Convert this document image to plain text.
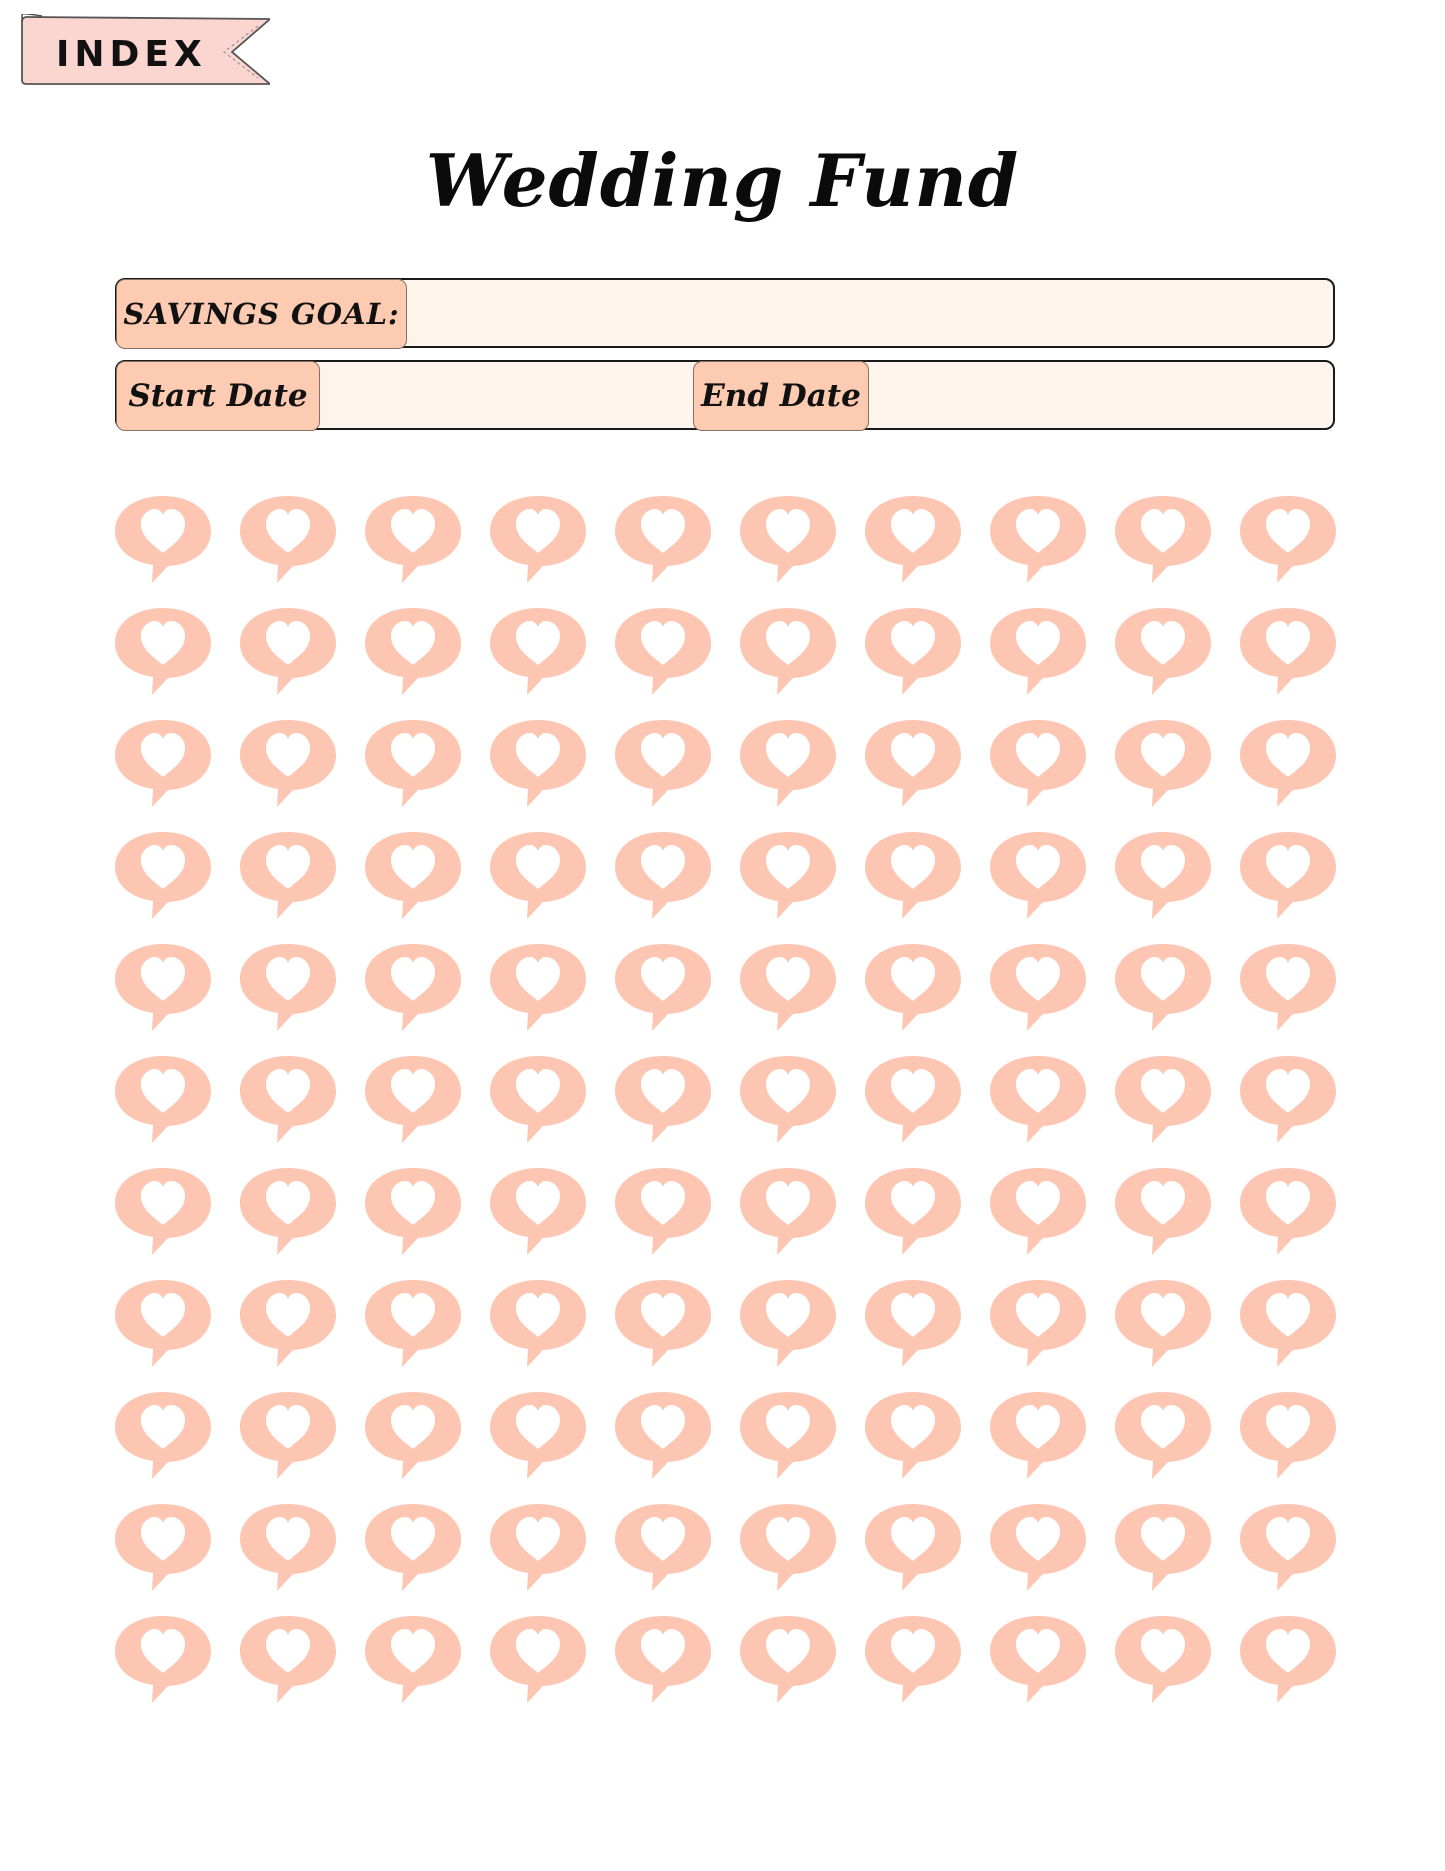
INDEX
Wedding Fund
SAVINGS GOAL:
Start Date	End Date
